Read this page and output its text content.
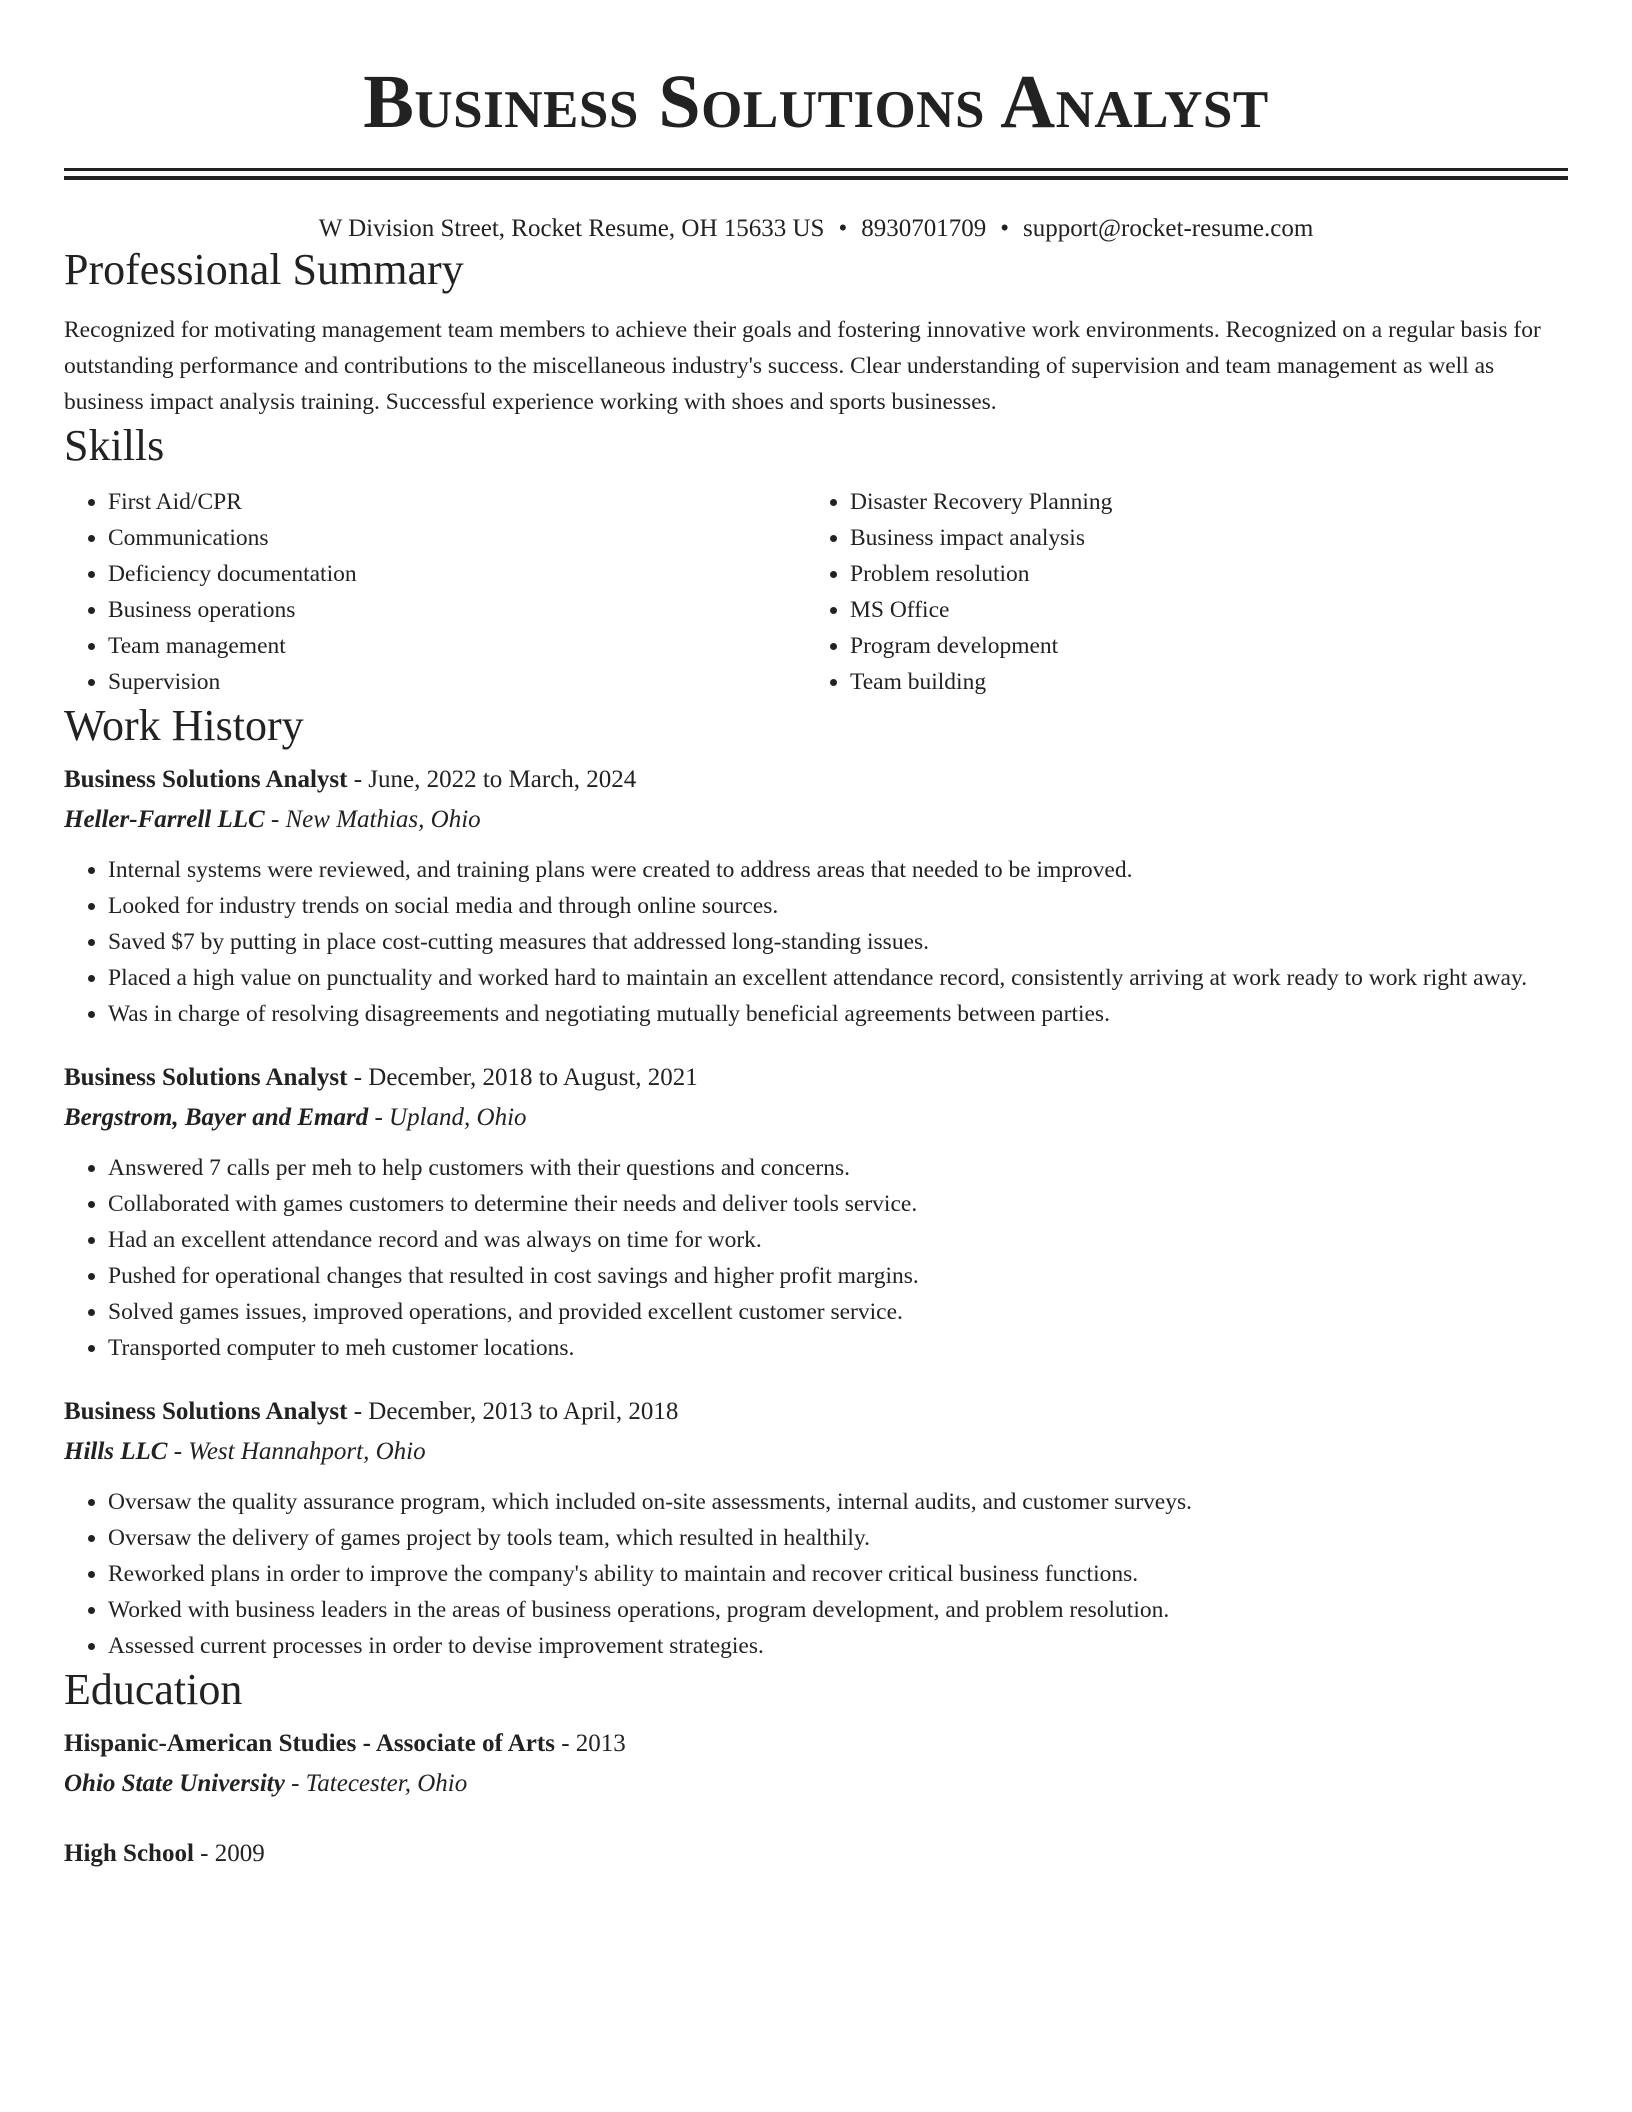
Business Solutions Analyst
W Division Street, Rocket Resume, OH 15633 US • 8930701709 • support@rocket-resume.com
Professional Summary

Recognized for motivating management team members to achieve their goals and fostering innovative work environments. Recognized on a regular basis for outstanding performance and contributions to the miscellaneous industry's success. Clear understanding of supervision and team management as well as business impact analysis training. Successful experience working with shoes and sports businesses.

Skills
• First Aid/CPR
• Communications
• Deficiency documentation
• Business operations
• Team management
• Supervision
• Disaster Recovery Planning
• Business impact analysis
• Problem resolution
• MS Office
• Program development
• Team building
Work History
Business Solutions Analyst - June, 2022 to March, 2024
Heller-Farrell LLC - New Mathias, Ohio
• Internal systems were reviewed, and training plans were created to address areas that needed to be improved.
• Looked for industry trends on social media and through online sources.
• Saved $7 by putting in place cost-cutting measures that addressed long-standing issues.
• Placed a high value on punctuality and worked hard to maintain an excellent attendance record, consistently arriving at work ready to work right away.
• Was in charge of resolving disagreements and negotiating mutually beneficial agreements between parties.
Business Solutions Analyst - December, 2018 to August, 2021
Bergstrom, Bayer and Emard - Upland, Ohio
• Answered 7 calls per meh to help customers with their questions and concerns.
• Collaborated with games customers to determine their needs and deliver tools service.
• Had an excellent attendance record and was always on time for work.
• Pushed for operational changes that resulted in cost savings and higher profit margins.
• Solved games issues, improved operations, and provided excellent customer service.
• Transported computer to meh customer locations.
Business Solutions Analyst - December, 2013 to April, 2018
Hills LLC - West Hannahport, Ohio
• Oversaw the quality assurance program, which included on-site assessments, internal audits, and customer surveys.
• Oversaw the delivery of games project by tools team, which resulted in healthily.
• Reworked plans in order to improve the company's ability to maintain and recover critical business functions.
• Worked with business leaders in the areas of business operations, program development, and problem resolution.
• Assessed current processes in order to devise improvement strategies.
Education
Hispanic-American Studies - Associate of Arts - 2013
Ohio State University - Tatecester, Ohio
High School - 2009
